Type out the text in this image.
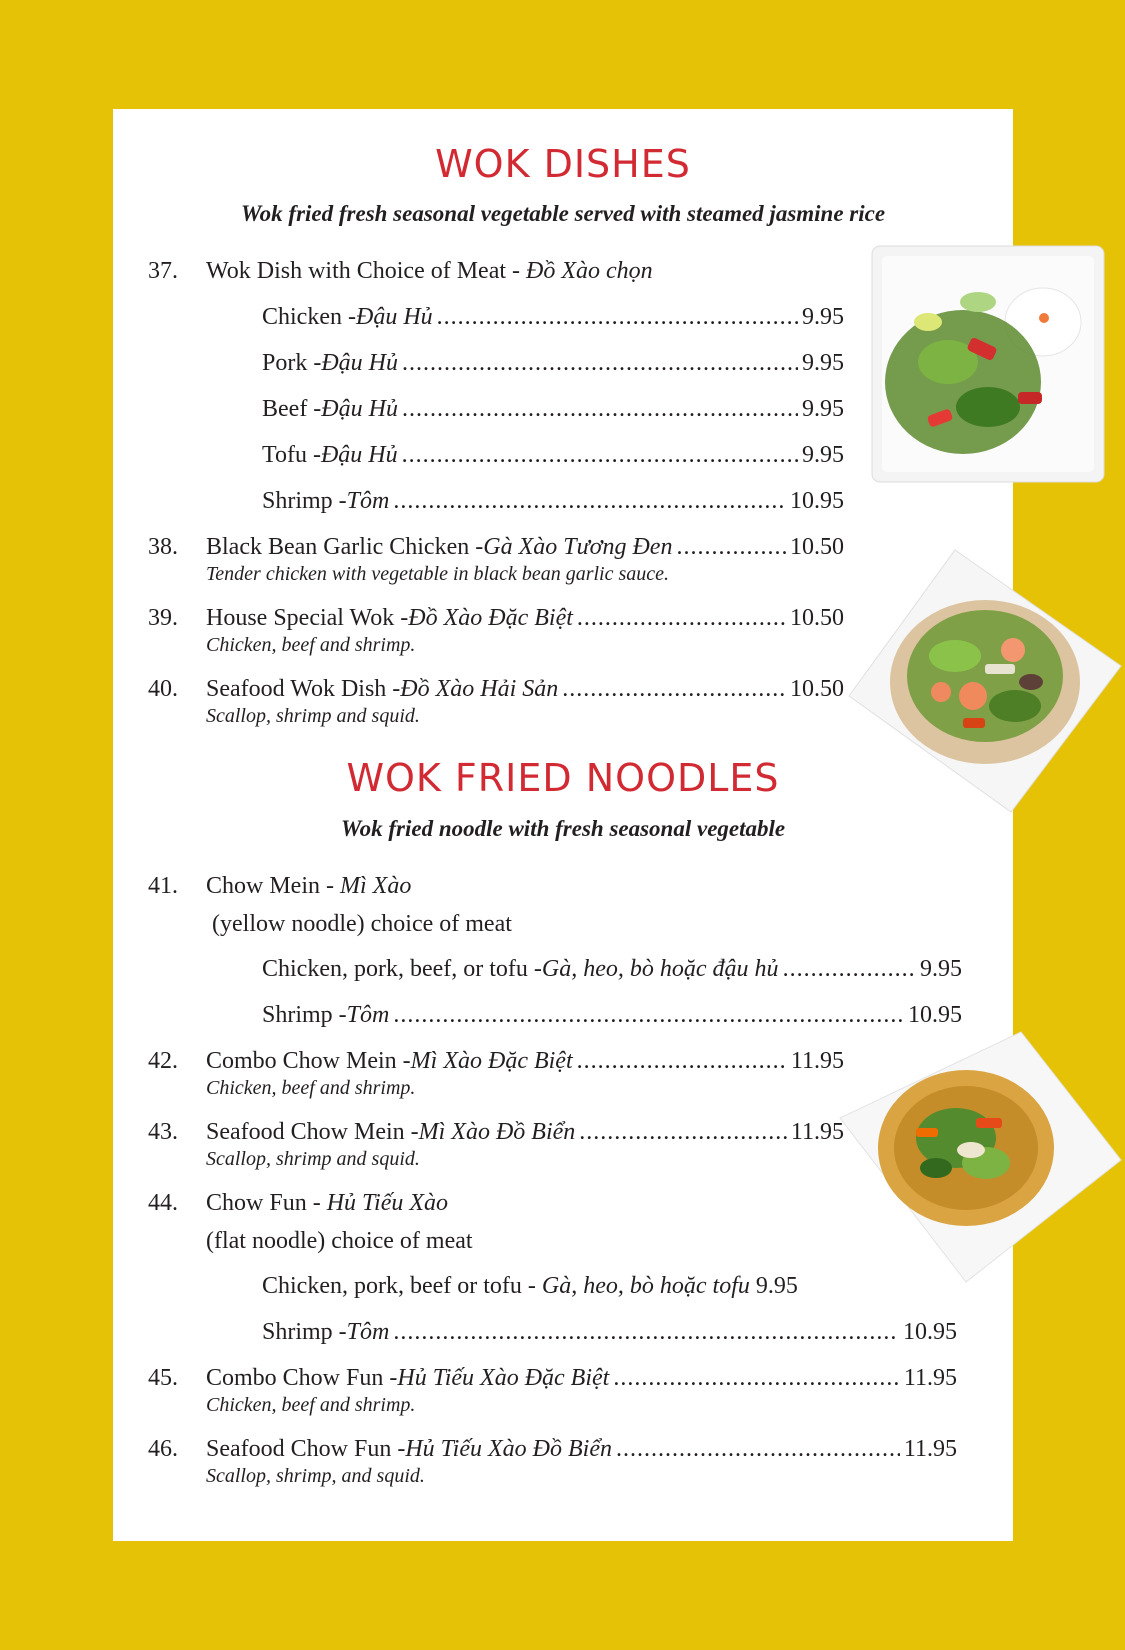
WOK DISHES
Wok fried fresh seasonal vegetable served with steamed jasmine rice
37. Wok Dish with Choice of Meat - Đồ Xào chọn
Chicken - Đậu Hủ .....	9.95
Pork - Đậu Hủ .....	9.95
Beef - Đậu Hủ .....	9.95
Tofu - Đậu Hủ .....	9.95
Shrimp - Tôm .....	10.95
38. Black Bean Garlic Chicken - Gà Xào Tương Đen .....	10.50
Tender chicken with vegetable in black bean garlic sauce.
39. House Special Wok - Đồ Xào Đặc Biệt .....	10.50
Chicken, beef and shrimp.
40. Seafood Wok Dish - Đồ Xào Hải Sản .....	10.50
Scallop, shrimp and squid.
WOK FRIED NOODLES
Wok fried noodle with fresh seasonal vegetable
41. Chow Mein - Mì Xào
(yellow noodle) choice of meat
Chicken, pork, beef, or tofu - Gà, heo, bò hoặc đậu hủ .....	9.95
Shrimp - Tôm .....	10.95
42. Combo Chow Mein - Mì Xào Đặc Biệt .....	11.95
Chicken, beef and shrimp.
43. Seafood Chow Mein - Mì Xào Đồ Biển .....	11.95
Scallop, shrimp and squid.
44. Chow Fun - Hủ Tiếu Xào
(flat noodle) choice of meat
Chicken, pork, beef or tofu - Gà, heo, bò hoặc tofu 9.95
Shrimp - Tôm .....	10.95
45. Combo Chow Fun - Hủ Tiếu Xào Đặc Biệt .....	11.95
Chicken, beef and shrimp.
46. Seafood Chow Fun - Hủ Tiếu Xào Đồ Biển .....	11.95
Scallop, shrimp, and squid.
